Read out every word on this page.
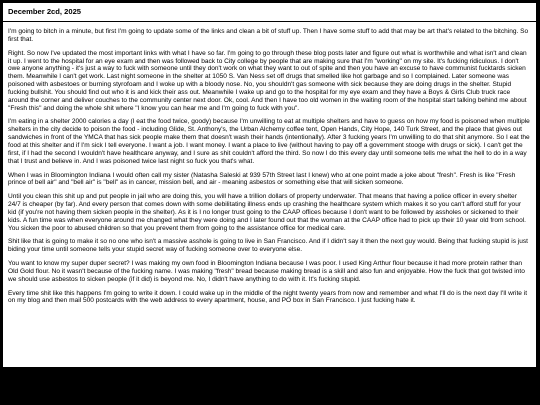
December 2cd, 2025

I'm going to bitch in a minute, but first I'm going to update some of the links and clean a bit of stuff up. Then I have some stuff to add that may be art that's related to the bitching. So first that.

Right. So now I've updated the most important links with what I have so far. I'm going to go through these blog posts later and figure out what is worthwhile and what isn't and clean it up. I went to the hospital for an eye exam and then was followed back to City college by people that are making sure that I'm "working" on my site. It's fucking ridiculous. I don't owe anyone anything - it's just a way to fuck with someone until they don't work on what they want to out of spite and then you have an excuse to have communist fucktards sicken them. Meanwhile I can't get work. Last night someone in the shelter at 1050 S. Van Ness set off drugs that smelled like hot garbage and so I complained. Later someone was poisoned with asbestoes or burning styrofoam and I woke up with a bloody nose. No, you shouldn't gas someone with sick because they are doing drugs in the shelter. Stupid fucking bullshit. You should find out who it is and kick their ass out. Meanwhile I wake up and go to the hospital for my eye exam and they have a Boys & Girls Club truck race around the corner and deliver couches to the community center next door. Ok, cool. And then I have too old women in the waiting room of the hospital start talking behind me about "Fresh this" and doing the whole shit where "I know you can hear me and I'm going to fuck with you".

I'm eating in a shelter 2000 calories a day (I eat the food twice, goody) because I'm unwilling to eat at multiple shelters and have to guess on how my food is poisoned when multiple shelters in the city decide to poison the food - including Glide, St. Anthony's, the Urban Alchemy coffee tent, Open Hands, City Hope, 140 Turk Street, and the place that gives out sandwiches in front of the YMCA that has sick people make them that doesn't wash their hands (intentionally). After 3 fucking years I'm unwilling to do that shit anymore. So I eat the food at this shelter and if I'm sick I tell everyone. I want a job. I want money. I want a place to live (without having to pay off a government stooge with drugs or sick). I can't get the first, if I had the second I wouldn't have healthcare anyway, and I sure as shit couldn't afford the third. So now I do this every day until someone tells me what the hell to do in a way that I trust and believe in. And I was poisoned twice last night so fuck you that's what.

When I was in Bloomington Indiana I would often call my sister (Natasha Saleski at 939 57th Street last I knew) who at one point made a joke about "fresh". Fresh is like "Fresh prince of bell air" and "bell air" is "bell" as in cancer, mission bell, and air - meaning asbestos or something else that will sicken someone.

Until you clean this shit up and put people in jail who are doing this, you will have a trillion dollars of property underwater. That means that having a police officer in every shelter 24/7 is cheaper (by far). And every person that comes down with some debilitating illness ends up crashing the healthcare system which makes it so you can't afford stuff for your kid (if you're not having them sicken people in the shelter). As it is I no longer trust going to the CAAP offices because I don't want to be followed by assholes or sickened to their kids. A fun time was when everyone around me changed what they were doing and I later found out that the woman at the CAAP office had to pick up their 10 year old from school. You sicken the poor to abused children so that you prevent them from going to the assistance office for medical care.

Shit like that is going to make it so no one who isn't a massive asshole is going to live in San Francisco. And if I didn't say it then the next guy would. Being that fucking stupid is just biding your time until someone tells your stupid secret way of fucking someone over to everyone else.

You want to know my super duper secret? I was making my own food in Bloomington Indiana because I was poor. I used King Arthur flour because it had more protein rather than Old Gold flour. No it wasn't because of the fucking name. I was making "fresh" bread because making bread is a skill and also fun and enjoyable. How the fuck that got twisted into we should use asbestos to sicken people (if it did) is beyond me. No, I didn't have anything to do with it. It's fucking stupid.

Every time shit like this happens I'm going to write it down. I could wake up in the middle of the night twenty years from now and remember and what I'll do is the next day I'll write it on my blog and then mail 500 postcards with the web address to every apartment, house, and PO box in San Francisco. I just fucking hate it.
